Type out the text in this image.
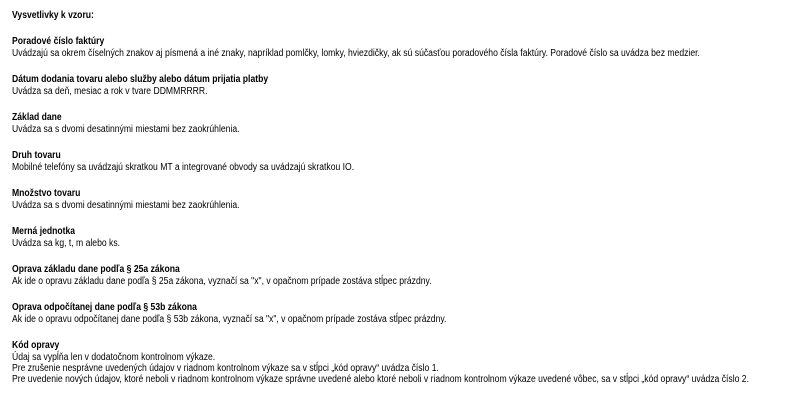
Vysvetlivky k vzoru:
Poradové číslo faktúry
Uvádzajú sa okrem číselných znakov aj písmená a iné znaky, napríklad pomlčky, lomky, hviezdičky, ak sú súčasťou poradového čísla faktúry. Poradové číslo sa uvádza bez medzier.
Dátum dodania tovaru alebo služby alebo dátum prijatia platby
Uvádza sa deň, mesiac a rok v tvare DDMMRRRR.
Základ dane
Uvádza sa s dvomi desatinnými miestami bez zaokrúhlenia.
Druh tovaru
Mobilné telefóny sa uvádzajú skratkou MT a integrované obvody sa uvádzajú skratkou IO.
Množstvo tovaru
Uvádza sa s dvomi desatinnými miestami bez zaokrúhlenia.
Merná jednotka
Uvádza sa kg, t, m alebo ks.
Oprava základu dane podľa § 25a zákona
Ak ide o opravu základu dane podľa § 25a zákona, vyznačí sa "x", v opačnom prípade zostáva stĺpec prázdny.
Oprava odpočítanej dane podľa § 53b zákona
Ak ide o opravu odpočítanej dane podľa § 53b zákona, vyznačí sa "x", v opačnom prípade zostáva stĺpec prázdny.
Kód opravy
Údaj sa vypĺňa len v dodatočnom kontrolnom výkaze.
Pre zrušenie nesprávne uvedených údajov v riadnom kontrolnom výkaze sa v stĺpci „kód opravy“ uvádza číslo 1.
Pre uvedenie nových údajov, ktoré neboli v riadnom kontrolnom výkaze správne uvedené alebo ktoré neboli v riadnom kontrolnom výkaze uvedené vôbec, sa v stĺpci „kód opravy“ uvádza číslo 2.
